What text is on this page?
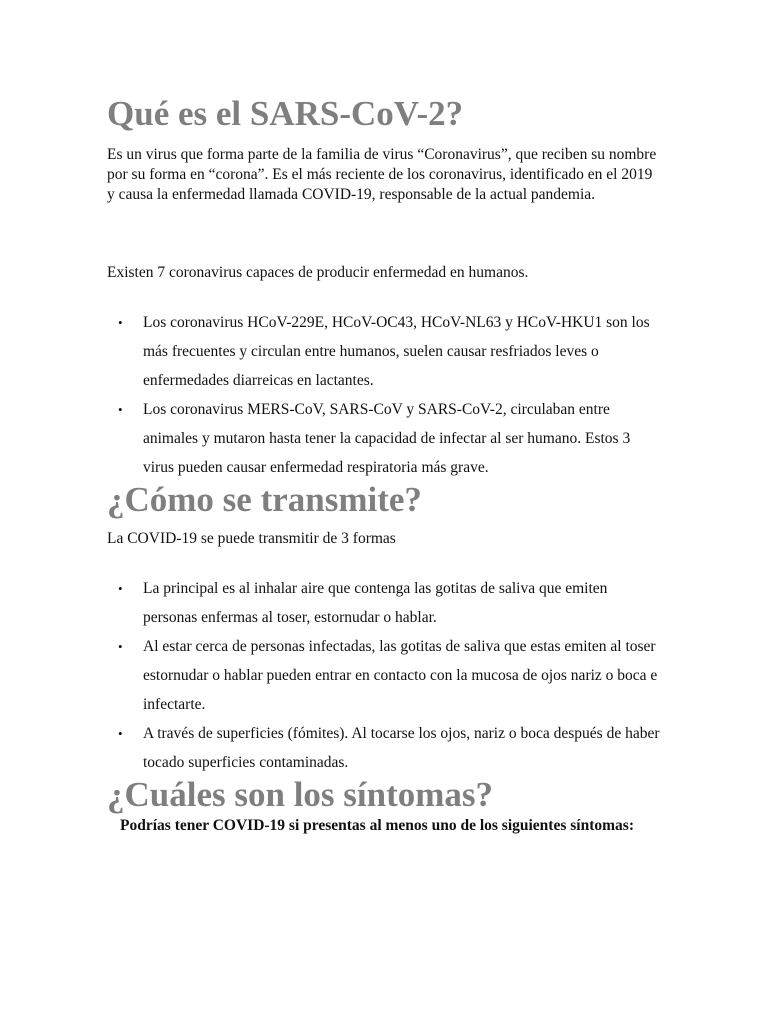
Qué es el SARS-CoV-2?

Es un virus que forma parte de la familia de virus “Coronavirus”, que reciben su nombre por su forma en “corona”. Es el más reciente de los coronavirus, identificado en el 2019 y causa la enfermedad llamada COVID-19, responsable de la actual pandemia.

Existen 7 coronavirus capaces de producir enfermedad en humanos.

• Los coronavirus HCoV-229E, HCoV-OC43, HCoV-NL63 y HCoV-HKU1 son los más frecuentes y circulan entre humanos, suelen causar resfriados leves o enfermedades diarreicas en lactantes.
• Los coronavirus MERS-CoV, SARS-CoV y SARS-CoV-2, circulaban entre animales y mutaron hasta tener la capacidad de infectar al ser humano. Estos 3 virus pueden causar enfermedad respiratoria más grave.
¿Cómo se transmite?

La COVID-19 se puede transmitir de 3 formas

• La principal es al inhalar aire que contenga las gotitas de saliva que emiten personas enfermas al toser, estornudar o hablar.
• Al estar cerca de personas infectadas, las gotitas de saliva que estas emiten al toser estornudar o hablar pueden entrar en contacto con la mucosa de ojos nariz o boca e infectarte.
• A través de superficies (fómites). Al tocarse los ojos, nariz o boca después de haber tocado superficies contaminadas.
¿Cuáles son los síntomas?

Podrías tener COVID-19 si presentas al menos uno de los siguientes síntomas:
